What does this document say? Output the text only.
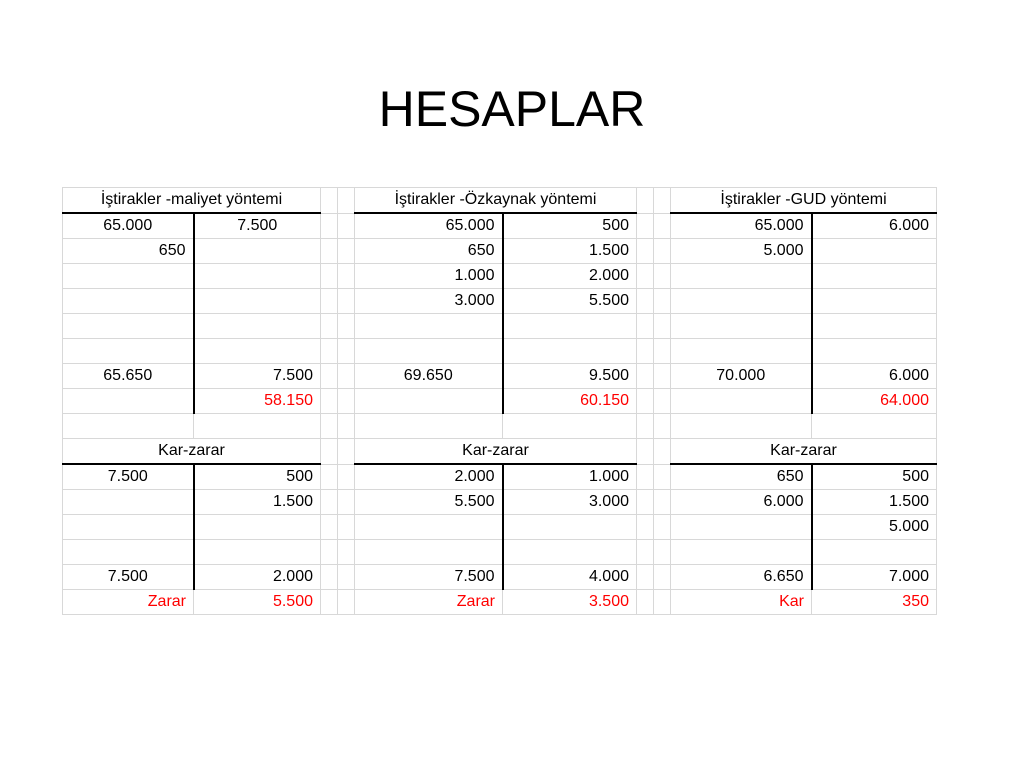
HESAPLAR
İştirakler -maliyet yöntemi				İştirakler -Özkaynak yöntemi				İştirakler -GUD yöntemi	
65.000	7.500			65.000	500			65.000	6.000
650				650	1.500			5.000	
				1.000	2.000				
				3.000	5.500				

65.650	7.500			69.650	9.500			70.000	6.000
	58.150				60.150				64.000

Kar-zarar				Kar-zarar				Kar-zarar	
7.500	500			2.000	1.000			650	500
	1.500			5.500	3.000			6.000	1.500
									5.000

7.500	2.000			7.500	4.000			6.650	7.000
Zarar	5.500			Zarar	3.500			Kar	350
